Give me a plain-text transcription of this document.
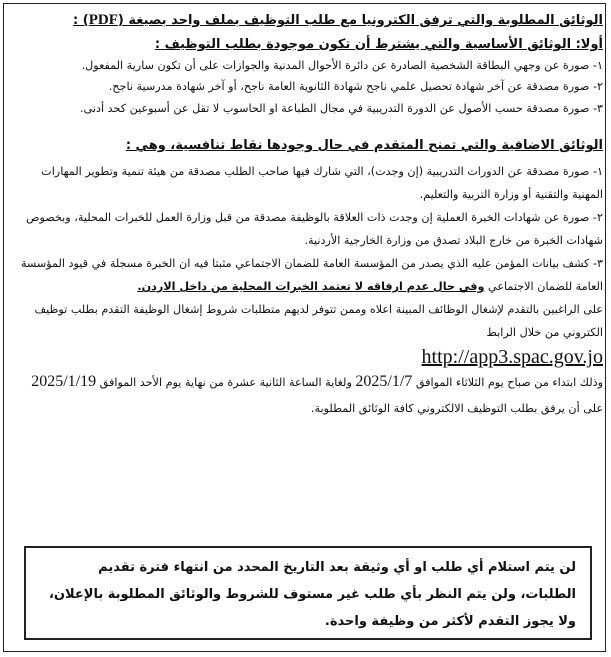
الوثائق المطلوبة والتي ترفق الكترونيا مع طلب التوظيف بملف واحد بصيغة (PDF) :

أولا: الوثائق الأساسية والتي يشترط أن تكون موجودة بطلب التوظيف :

١- صورة عن وجهي البطاقة الشخصية الصادرة عن دائرة الأحوال المدنية والجوازات على أن تكون سارية المفعول.

٢- صورة مصدقة عن آخر شهادة تحصيل علمي ناجح شهادة الثانوية العامة ناجح، أو آخر شهادة مدرسية ناجح.

٣- صورة مصدقة حسب الأصول عن الدورة التدريبية في مجال الطباعة او الحاسوب لا تقل عن أسبوعين كحد أدنى.

الوثائق الاضافية والتي تمنح المتقدم في حال وجودها نقاط تنافسية، وهي :

١- صورة مصدقة عن الدورات التدريبية (إن وجدت)، التي شارك فيها صاحب الطلب مصدقة من هيئة تنمية وتطوير المهارات المهنية والتقنية أو وزارة التربية والتعليم.

٢- صورة عن شهادات الخبرة العملية إن وجدت ذات العلاقة بالوظيفة مصدقة من قبل وزارة العمل للخبرات المحلية، وبخصوص شهادات الخبرة من خارج البلاد تصدق من وزارة الخارجية الأردنية.

٣- كشف بيانات المؤمن عليه الذي يصدر من المؤسسة العامة للضمان الاجتماعي مثبتا فيه ان الخبرة مسجلة في قيود المؤسسة العامة للضمان الاجتماعي وفي حال عدم ارفاقه لا تعتمد الخبرات المحلية من داخل الاردن.

على الراغبين بالتقدم لإشغال الوظائف المبينة اعلاه وممن تتوفر لديهم متطلبات شروط إشغال الوظيفة التقدم بطلب توظيف الكتروني من خلال الرابط

http://app3.spac.gov.jo

وذلك ابتداء من صباح يوم الثلاثاء الموافق 2025/1/7 ولغاية الساعة الثانية عشرة من نهاية يوم الأحد الموافق 2025/1/19 على أن يرفق بطلب التوظيف الالكتروني كافة الوثائق المطلوبة.

لن يتم استلام أي طلب او أي وثيقة بعد التاريخ المحدد من انتهاء فترة تقديم الطلبات، ولن يتم النظر بأي طلب غير مستوف للشروط والوثائق المطلوبة بالإعلان، ولا يجوز التقدم لأكثر من وظيفة واحدة.
